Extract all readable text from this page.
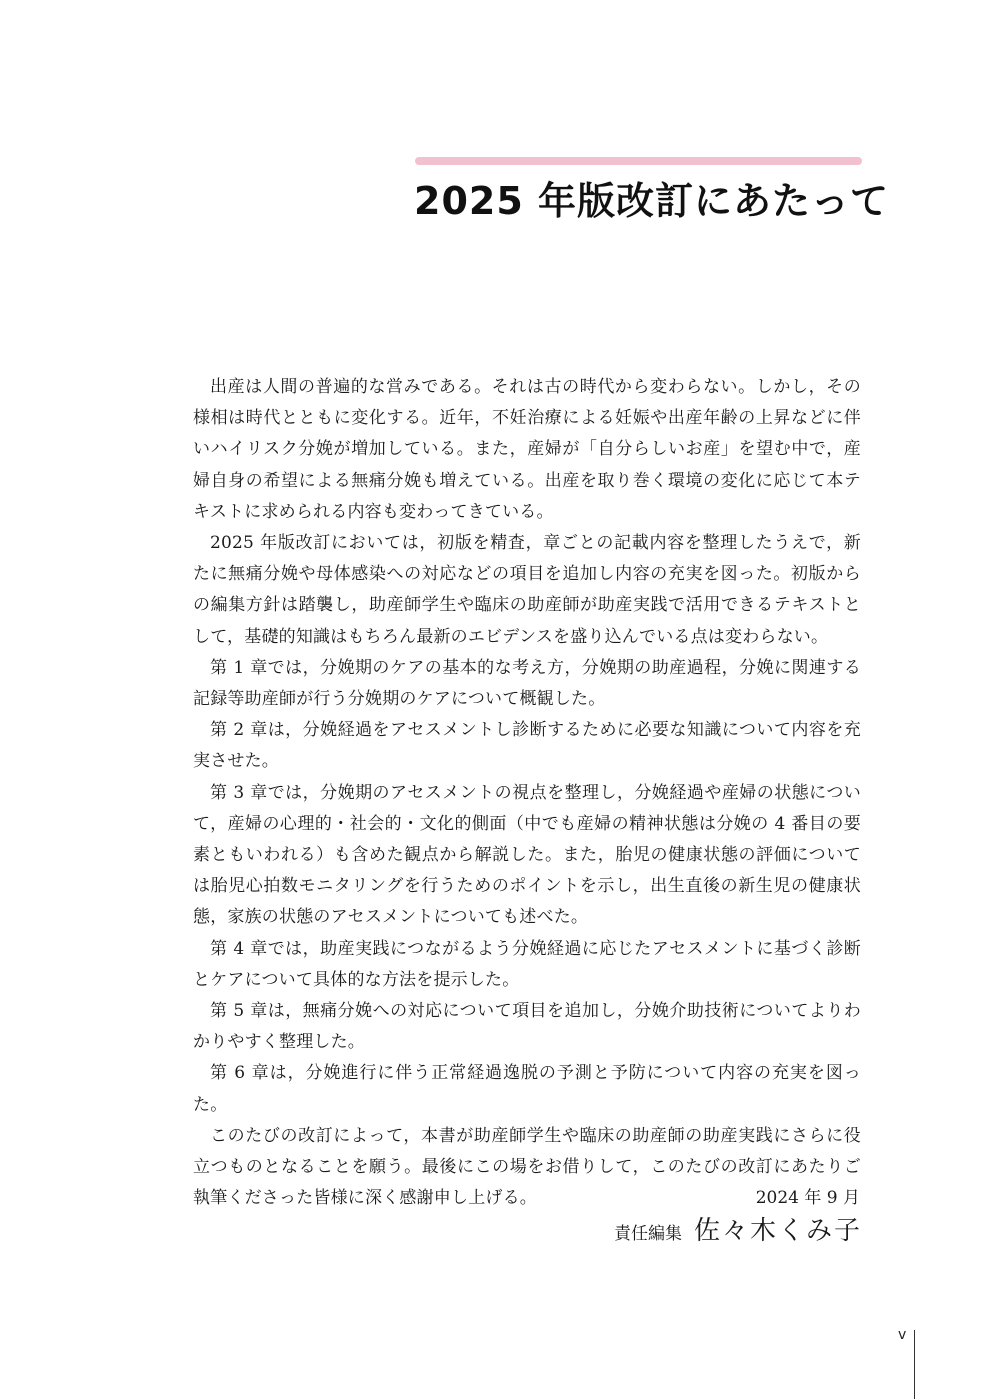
2025 年版改訂にあたって

出産は人間の普遍的な営みである。それは古の時代から変わらない。しかし，その様相は時代とともに変化する。近年，不妊治療による妊娠や出産年齢の上昇などに伴いハイリスク分娩が増加している。また，産婦が「自分らしいお産」を望む中で，産婦自身の希望による無痛分娩も増えている。出産を取り巻く環境の変化に応じて本テキストに求められる内容も変わってきている。

2025 年版改訂においては，初版を精査，章ごとの記載内容を整理したうえで，新たに無痛分娩や母体感染への対応などの項目を追加し内容の充実を図った。初版からの編集方針は踏襲し，助産師学生や臨床の助産師が助産実践で活用できるテキストとして，基礎的知識はもちろん最新のエビデンスを盛り込んでいる点は変わらない。

第 1 章では，分娩期のケアの基本的な考え方，分娩期の助産過程，分娩に関連する記録等助産師が行う分娩期のケアについて概観した。

第 2 章は，分娩経過をアセスメントし診断するために必要な知識について内容を充実させた。

第 3 章では，分娩期のアセスメントの視点を整理し，分娩経過や産婦の状態について，産婦の心理的・社会的・文化的側面（中でも産婦の精神状態は分娩の 4 番目の要素ともいわれる）も含めた観点から解説した。また，胎児の健康状態の評価については胎児心拍数モニタリングを行うためのポイントを示し，出生直後の新生児の健康状態，家族の状態のアセスメントについても述べた。

第 4 章では，助産実践につながるよう分娩経過に応じたアセスメントに基づく診断とケアについて具体的な方法を提示した。

第 5 章は，無痛分娩への対応について項目を追加し，分娩介助技術についてよりわかりやすく整理した。

第 6 章は，分娩進行に伴う正常経過逸脱の予測と予防について内容の充実を図った。

このたびの改訂によって，本書が助産師学生や臨床の助産師の助産実践にさらに役立つものとなることを願う。最後にこの場をお借りして，このたびの改訂にあたりご執筆くださった皆様に深く感謝申し上げる。	2024 年 9 月
責任編集 佐々木くみ子
v
